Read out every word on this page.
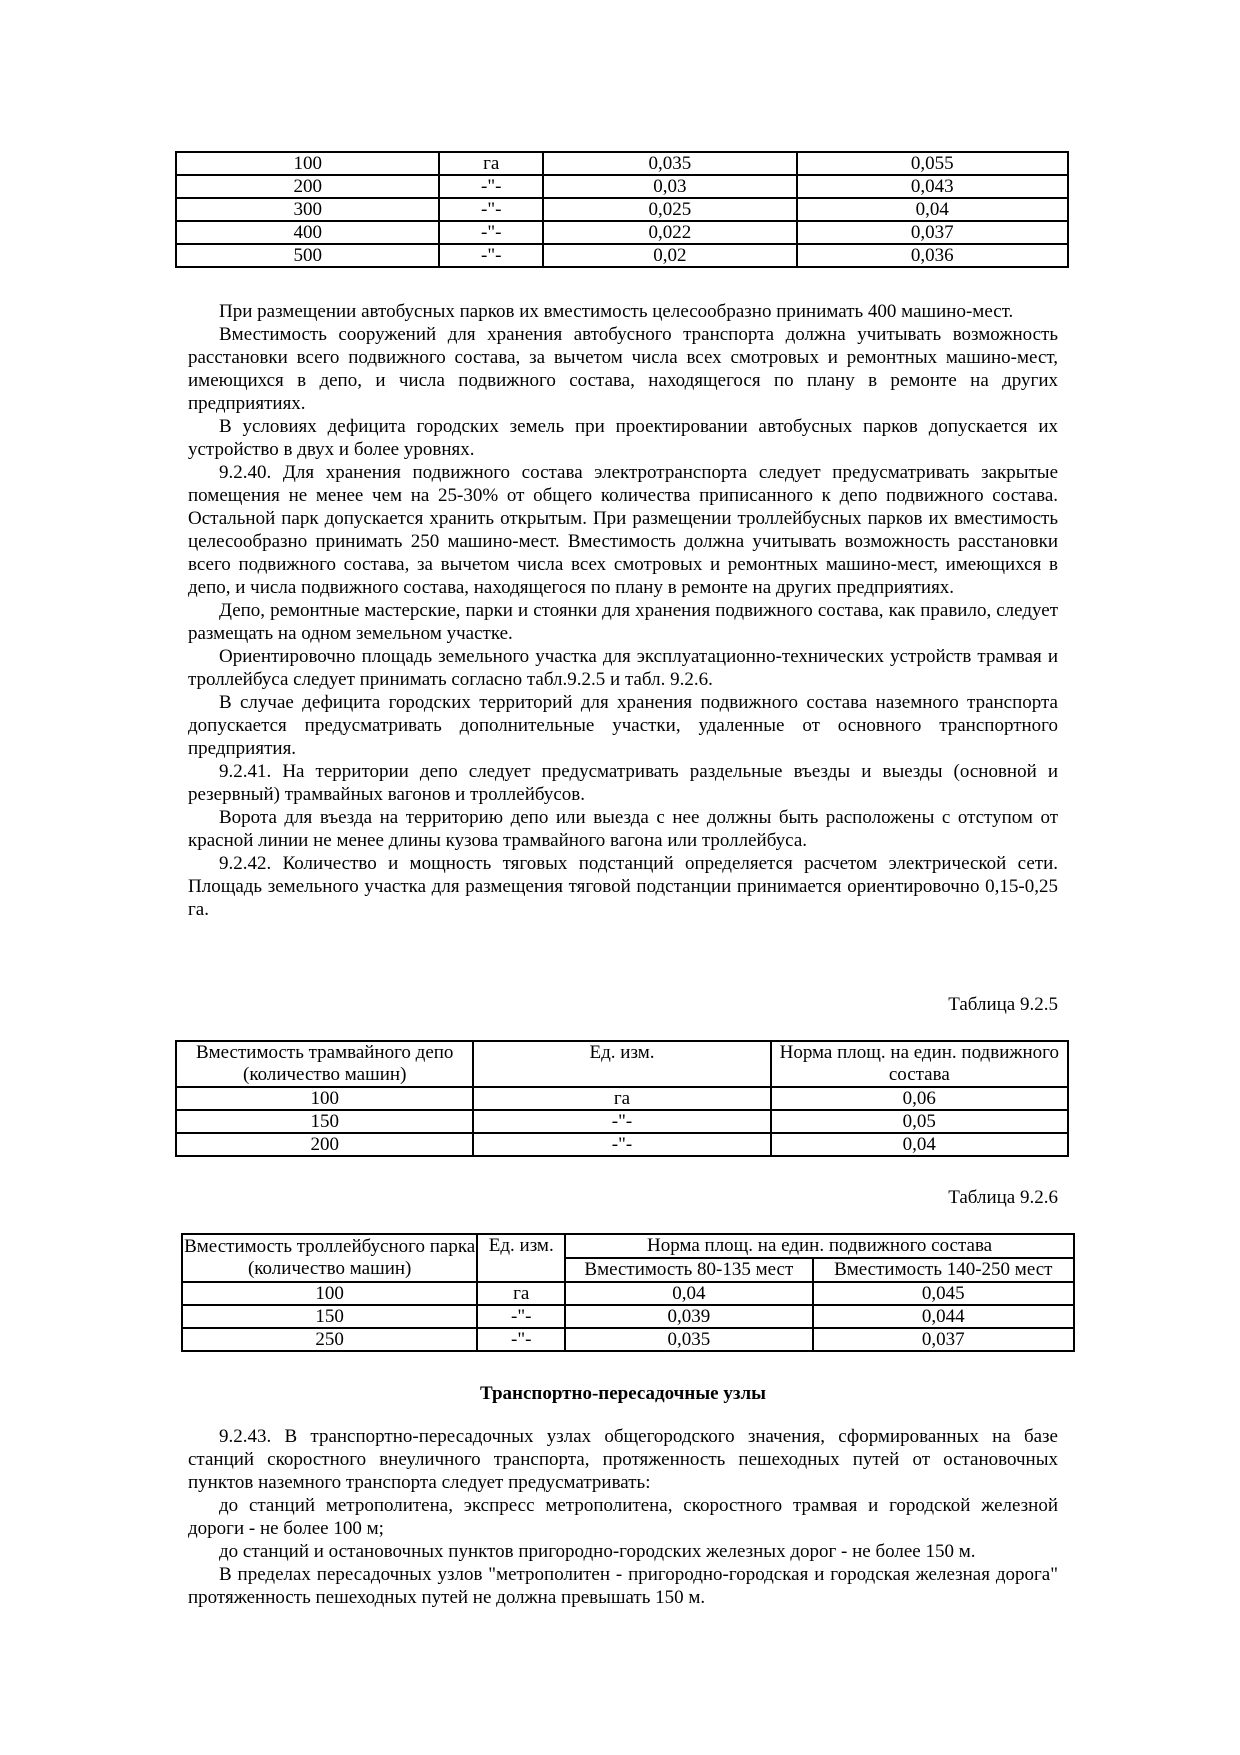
100	га	0,035	0,055
200	-"-	0,03	0,043
300	-"-	0,025	0,04
400	-"-	0,022	0,037
500	-"-	0,02	0,036

При размещении автобусных парков их вместимость целесообразно принимать 400 машино-мест.

Вместимость сооружений для хранения автобусного транспорта должна учитывать возможность расстановки всего подвижного состава, за вычетом числа всех смотровых и ремонтных машино-мест, имеющихся в депо, и числа подвижного состава, находящегося по плану в ремонте на других предприятиях.

В условиях дефицита городских земель при проектировании автобусных парков допускается их устройство в двух и более уровнях.

9.2.40. Для хранения подвижного состава электротранспорта следует предусматривать закрытые помещения не менее чем на 25-30% от общего количества приписанного к депо подвижного состава. Остальной парк допускается хранить открытым. При размещении троллейбусных парков их вместимость целесообразно принимать 250 машино-мест. Вместимость должна учитывать возможность расстановки всего подвижного состава, за вычетом числа всех смотровых и ремонтных машино-мест, имеющихся в депо, и числа подвижного состава, находящегося по плану в ремонте на других предприятиях.

Депо, ремонтные мастерские, парки и стоянки для хранения подвижного состава, как правило, следует размещать на одном земельном участке.

Ориентировочно площадь земельного участка для эксплуатационно-технических устройств трамвая и троллейбуса следует принимать согласно табл.9.2.5 и табл. 9.2.6.

В случае дефицита городских территорий для хранения подвижного состава наземного транспорта допускается предусматривать дополнительные участки, удаленные от основного транспортного предприятия.

9.2.41. На территории депо следует предусматривать раздельные въезды и выезды (основной и резервный) трамвайных вагонов и троллейбусов.

Ворота для въезда на территорию депо или выезда с нее должны быть расположены с отступом от красной линии не менее длины кузова трамвайного вагона или троллейбуса.

9.2.42. Количество и мощность тяговых подстанций определяется расчетом электрической сети. Площадь земельного участка для размещения тяговой подстанции принимается ориентировочно 0,15-0,25 га.

Таблица 9.2.5
Вместимость трамвайного депо (количество машин)	Ед. изм.	Норма площ. на един. подвижного состава
100	га	0,06
150	-"-	0,05
200	-"-	0,04
Таблица 9.2.6
Вместимость троллейбусного парка (количество машин)	Ед. изм.	Норма площ. на един. подвижного состава	
		Вместимость 80-135 мест	Вместимость 140-250 мест
100	га	0,04	0,045
150	-"-	0,039	0,044
250	-"-	0,035	0,037
Транспортно-пересадочные узлы

9.2.43. В транспортно-пересадочных узлах общегородского значения, сформированных на базе станций скоростного внеуличного транспорта, протяженность пешеходных путей от остановочных пунктов наземного транспорта следует предусматривать:

до станций метрополитена, экспресс метрополитена, скоростного трамвая и городской железной дороги - не более 100 м;

до станций и остановочных пунктов пригородно-городских железных дорог - не более 150 м.

В пределах пересадочных узлов "метрополитен - пригородно-городская и городская железная дорога" протяженность пешеходных путей не должна превышать 150 м.
